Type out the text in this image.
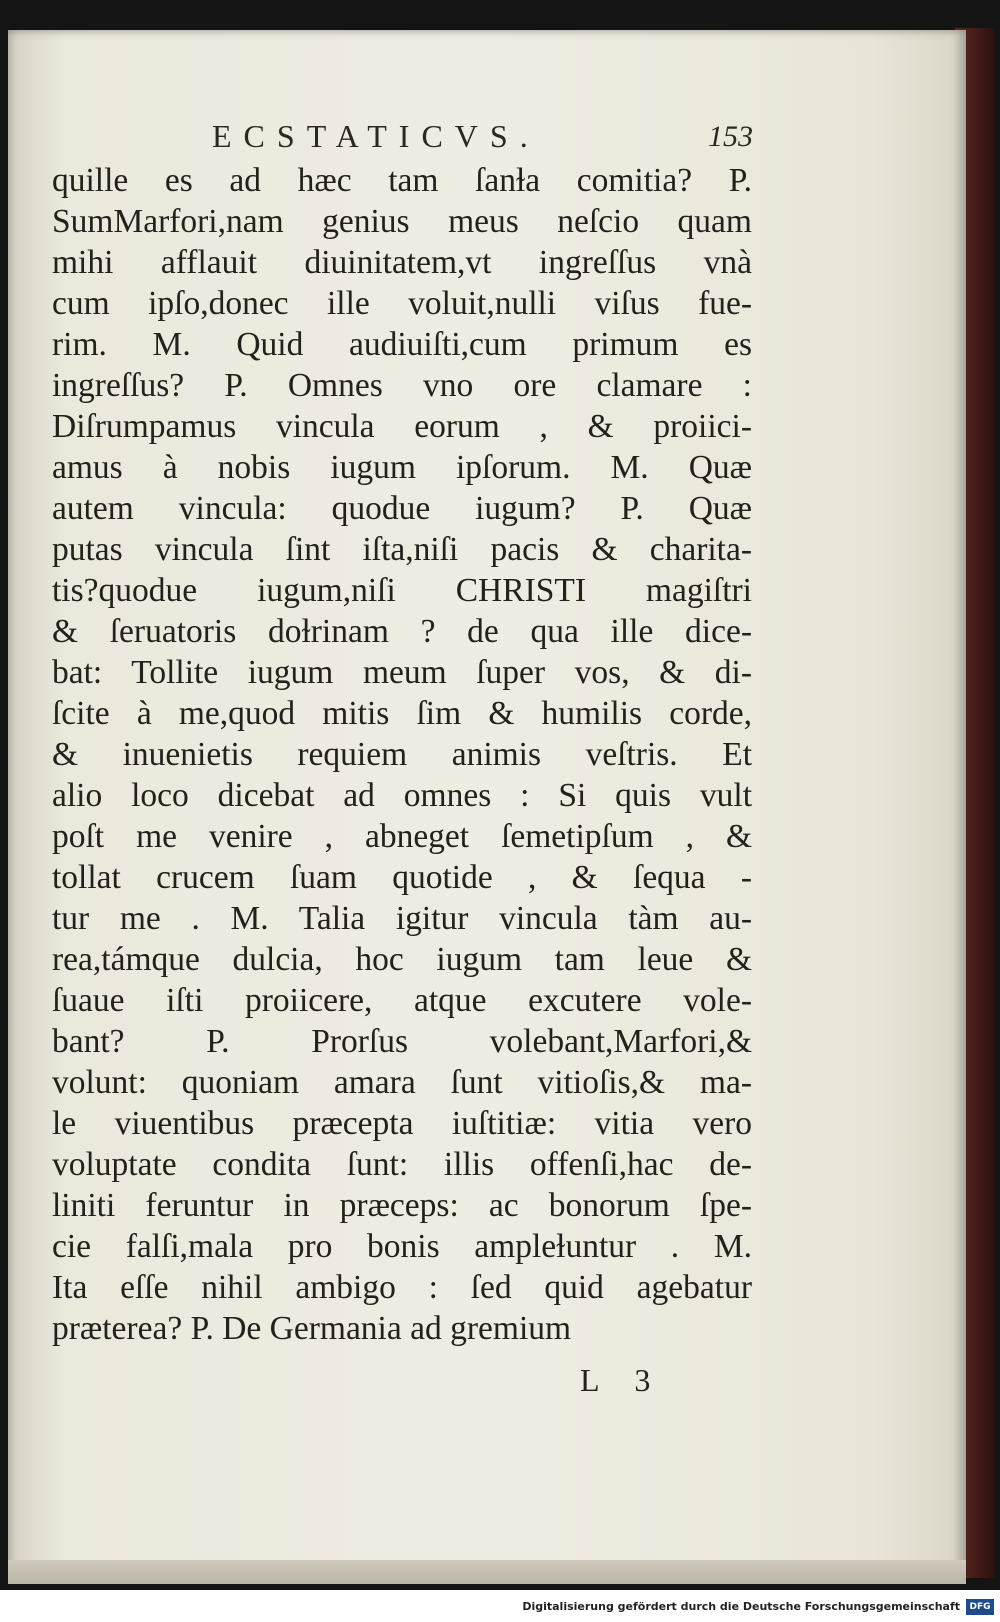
ECSTATICVS.	153
quille es ad hæc tam ſanɫa comitia? P.
SumMarfori,nam genius meus neſcio quam
mihi afflauit diuinitatem,vt ingreſſus vnà
cum ipſo,donec ille voluit,nulli viſus fue-
rim. M. Quid audiuiſti,cum primum es
ingreſſus? P. Omnes vno ore clamare :
Diſrumpamus vincula eorum , & proiici-
amus à nobis iugum ipſorum. M. Quæ
autem vincula: quodue iugum? P. Quæ
putas vincula ſint iſta,niſi pacis & charita-
tis?quodue iugum,niſi CHRISTI magiſtri
& ſeruatoris doɫrinam ? de qua ille dice-
bat: Tollite iugum meum ſuper vos, & di-
ſcite à me,quod mitis ſim & humilis corde,
& inuenietis requiem animis veſtris. Et
alio loco dicebat ad omnes : Si quis vult
poſt me venire , abneget ſemetipſum , &
tollat crucem ſuam quotide , & ſequa -
tur me . M. Talia igitur vincula tàm au-
rea,támque dulcia, hoc iugum tam leue &
ſuaue iſti proiicere, atque excutere vole-
bant? P. Prorſus volebant,Marfori,&
volunt: quoniam amara ſunt vitioſis,& ma-
le viuentibus præcepta iuſtitiæ: vitia vero
voluptate condita ſunt: illis offenſi,hac de-
liniti feruntur in præceps: ac bonorum ſpe-
cie falſi,mala pro bonis ampleɫuntur . M.
Ita eſſe nihil ambigo : ſed quid agebatur
præterea? P. De Germania ad gremium
L 3
Digitalisierung gefördert durch die Deutsche Forschungsgemeinschaft	DFG
